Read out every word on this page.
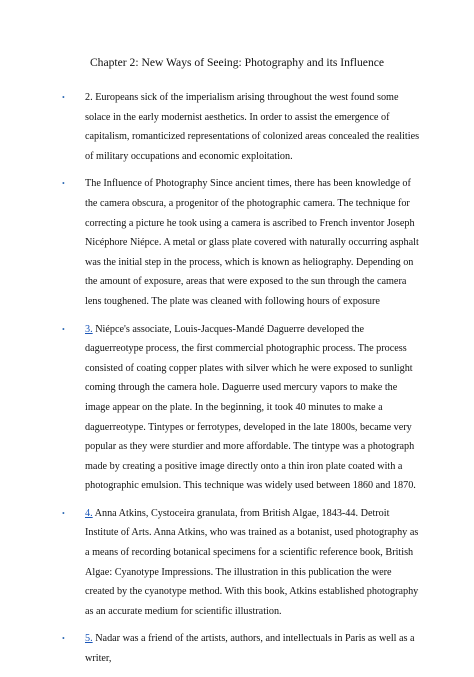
Chapter 2: New Ways of Seeing: Photography and its Influence
•	2. Europeans sick of the imperialism arising throughout the west found some solace in the early modernist aesthetics. In order to assist the emergence of capitalism, romanticized representations of colonized areas concealed the realities of military occupations and economic exploitation.
•	The Influence of Photography Since ancient times, there has been knowledge of the camera obscura, a progenitor of the photographic camera. The technique for correcting a picture he took using a camera is ascribed to French inventor Joseph Nicéphore Niépce. A metal or glass plate covered with naturally occurring asphalt was the initial step in the process, which is known as heliography. Depending on the amount of exposure, areas that were exposed to the sun through the camera lens toughened. The plate was cleaned with following hours of exposure
•	3. Niépce's associate, Louis-Jacques-Mandé Daguerre developed the daguerreotype process, the first commercial photographic process. The process consisted of coating copper plates with silver which he were exposed to sunlight coming through the camera hole. Daguerre used mercury vapors to make the image appear on the plate. In the beginning, it took 40 minutes to make a daguerreotype. Tintypes or ferrotypes, developed in the late 1800s, became very popular as they were sturdier and more affordable. The tintype was a photograph made by creating a positive image directly onto a thin iron plate coated with a photographic emulsion. This technique was widely used between 1860 and 1870.
•	4. Anna Atkins, Cystoceira granulata, from British Algae, 1843-44. Detroit Institute of Arts. Anna Atkins, who was trained as a botanist, used photography as a means of recording botanical specimens for a scientific reference book, British Algae: Cyanotype Impressions. The illustration in this publication the were created by the cyanotype method. With this book, Atkins established photography as an accurate medium for scientific illustration.
•	5. Nadar was a friend of the artists, authors, and intellectuals in Paris as well as a writer,
